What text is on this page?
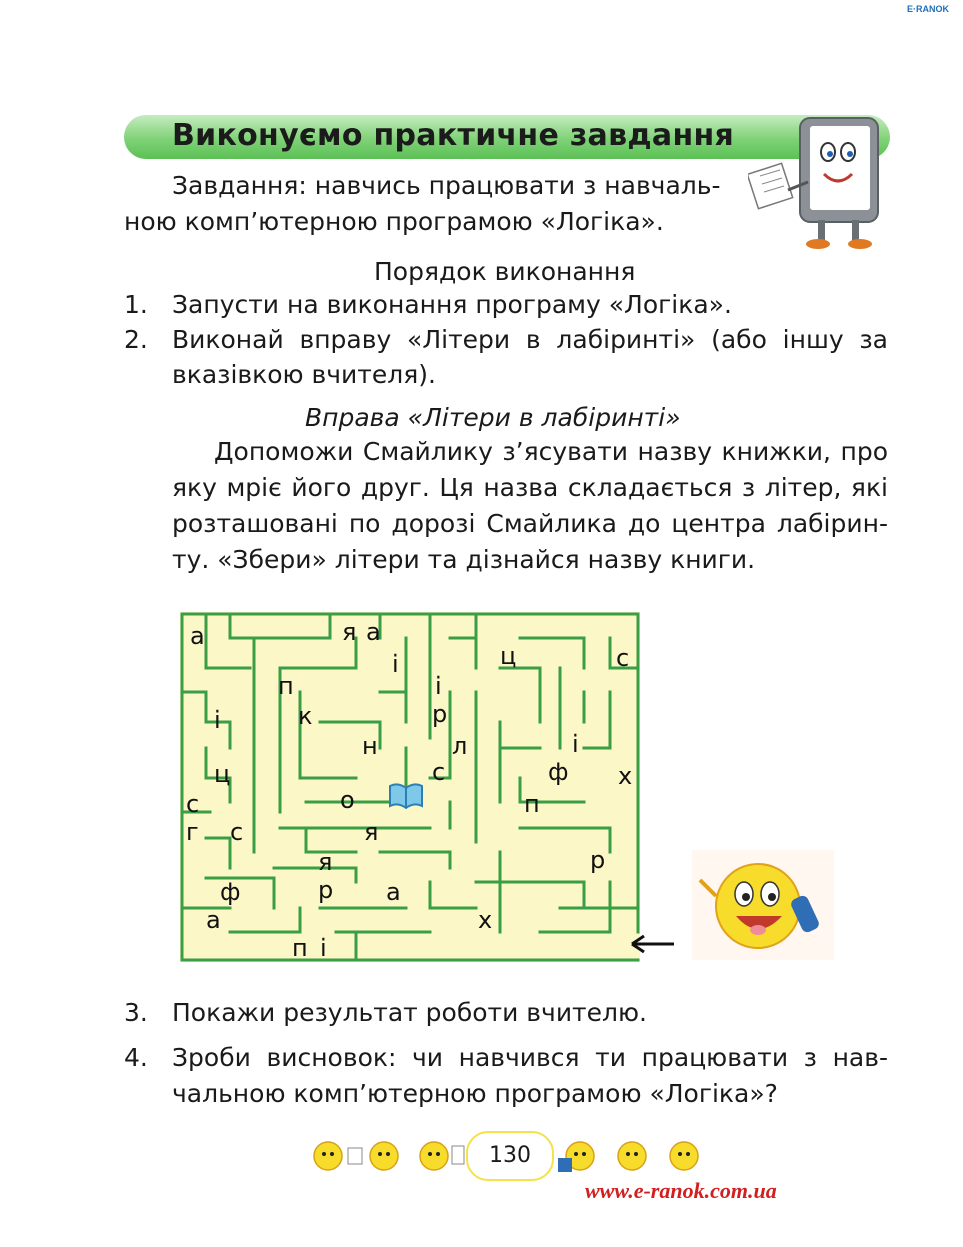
E·RANOK
Виконуємо практичне завдання
Завдання: навчись працювати з навчаль-
ною комп’ютерною програмою «Логіка».
Порядок виконання
1. Запусти на виконання програму «Логіка».
2. Виконай вправу «Літери в лабіринті» (або іншу за
вказівкою вчителя).
Вправа «Літери в лабіринті»
Допоможи Смайлику з’ясувати назву книжки, про
яку мріє його друг. Ця назва складається з літер, які
розташовані по дорозі Смайлика до центра лабірин-
ту. «Збери» літери та дізнайся назву книги.
а	я а
і	ц	с
п	і
к	р
і
н	л	і
ц	с	ф х
о
с	п
г с	я
я	р
ф	р а
а	х
п і
3. Покажи результат роботи вчителю.
4. Зроби висновок: чи навчився ти працювати з нав-
чальною комп’ютерною програмою «Логіка»?
130
www.e-ranok.com.ua
